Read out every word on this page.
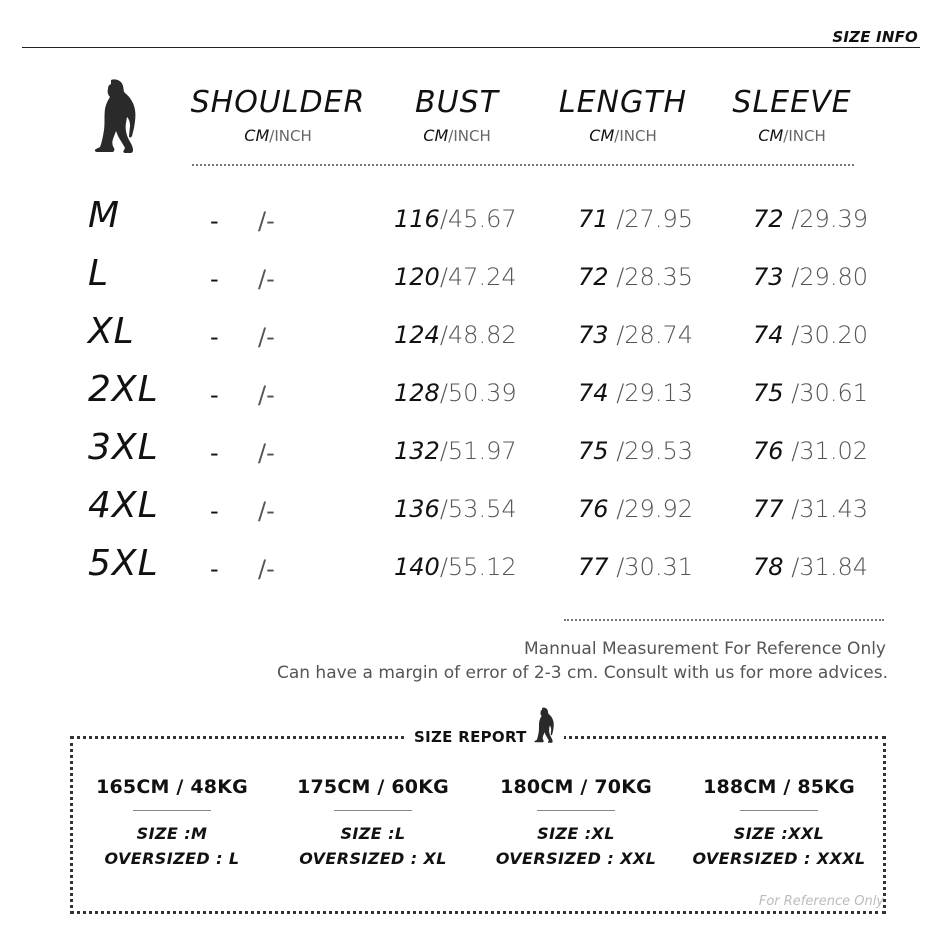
SIZE INFO
SHOULDER
CM/INCH
BUST
CM/INCH
LENGTH
CM/INCH
SLEEVE
CM/INCH
M	- /-	116/45.67	71 /27.95	72 /29.39
L	- /-	120/47.24	72 /28.35	73 /29.80
XL	- /-	124/48.82	73 /28.74	74 /30.20
2XL - /-	128/50.39	74 /29.13	75 /30.61
3XL - /-	132/51.97	75 /29.53	76 /31.02
4XL - /-	136/53.54	76 /29.92	77 /31.43
5XL - /-	140/55.12	77 /30.31	78 /31.84
Mannual Measurement For Reference Only
Can have a margin of error of 2-3 cm. Consult with us for more advices.
SIZE REPORT
165CM / 48KG
SIZE :M
OVERSIZED : L
175CM / 60KG
SIZE :L
OVERSIZED : XL
180CM / 70KG
SIZE :XL
OVERSIZED : XXL
188CM / 85KG
SIZE :XXL
OVERSIZED : XXXL
For Reference Only
